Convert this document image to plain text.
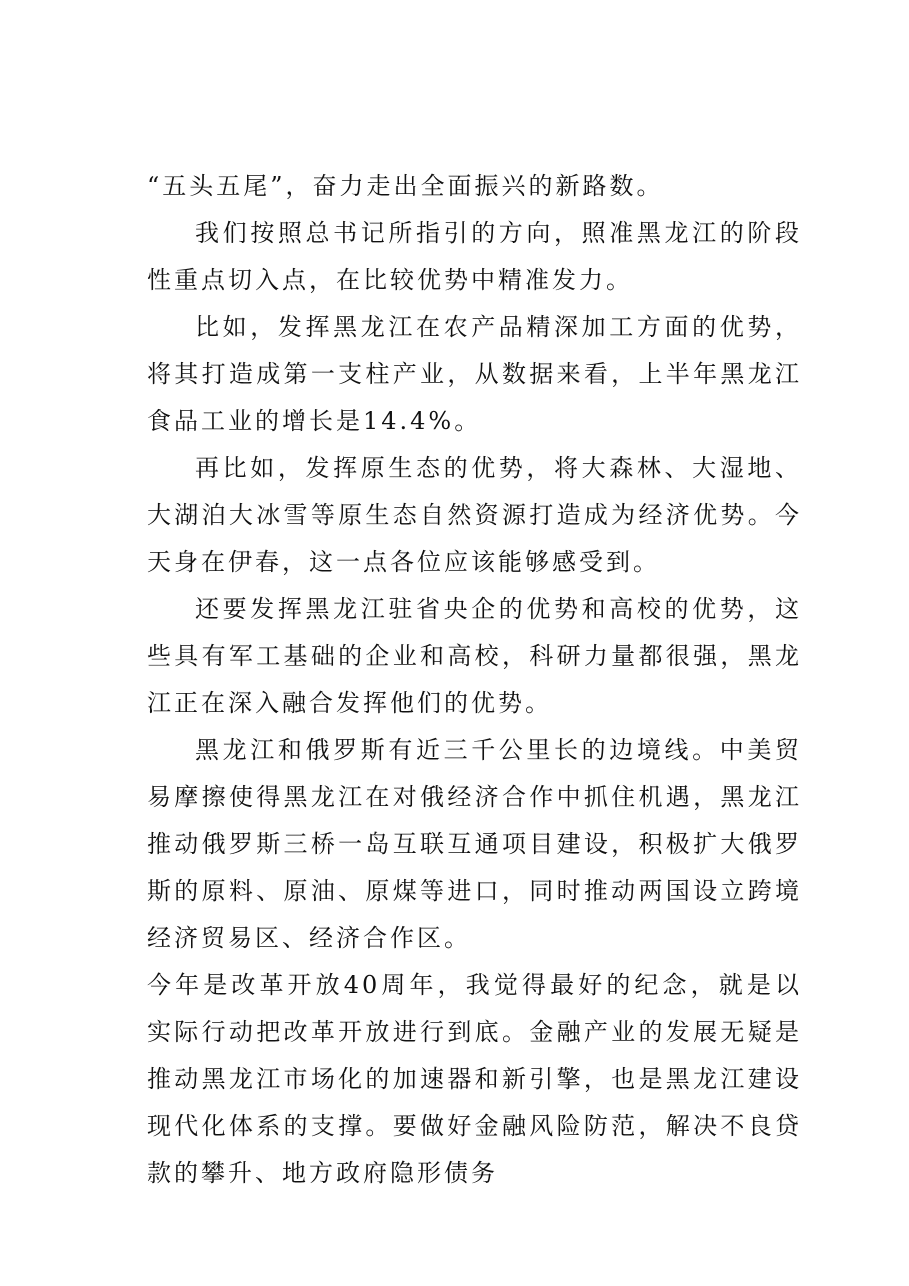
“五头五尾”，奋力走出全面振兴的新路数。

我们按照总书记所指引的方向，照准黑龙江的阶段性重点切入点，在比较优势中精准发力。

比如，发挥黑龙江在农产品精深加工方面的优势，将其打造成第一支柱产业，从数据来看，上半年黑龙江食品工业的增长是14.4%。

再比如，发挥原生态的优势，将大森林、大湿地、大湖泊大冰雪等原生态自然资源打造成为经济优势。今天身在伊春，这一点各位应该能够感受到。

还要发挥黑龙江驻省央企的优势和高校的优势，这些具有军工基础的企业和高校，科研力量都很强，黑龙江正在深入融合发挥他们的优势。

黑龙江和俄罗斯有近三千公里长的边境线。中美贸易摩擦使得黑龙江在对俄经济合作中抓住机遇，黑龙江推动俄罗斯三桥一岛互联互通项目建设，积极扩大俄罗斯的原料、原油、原煤等进口，同时推动两国设立跨境经济贸易区、经济合作区。

今年是改革开放40周年，我觉得最好的纪念，就是以实际行动把改革开放进行到底。金融产业的发展无疑是推动黑龙江市场化的加速器和新引擎，也是黑龙江建设现代化体系的支撑。要做好金融风险防范，解决不良贷款的攀升、地方政府隐形债务
